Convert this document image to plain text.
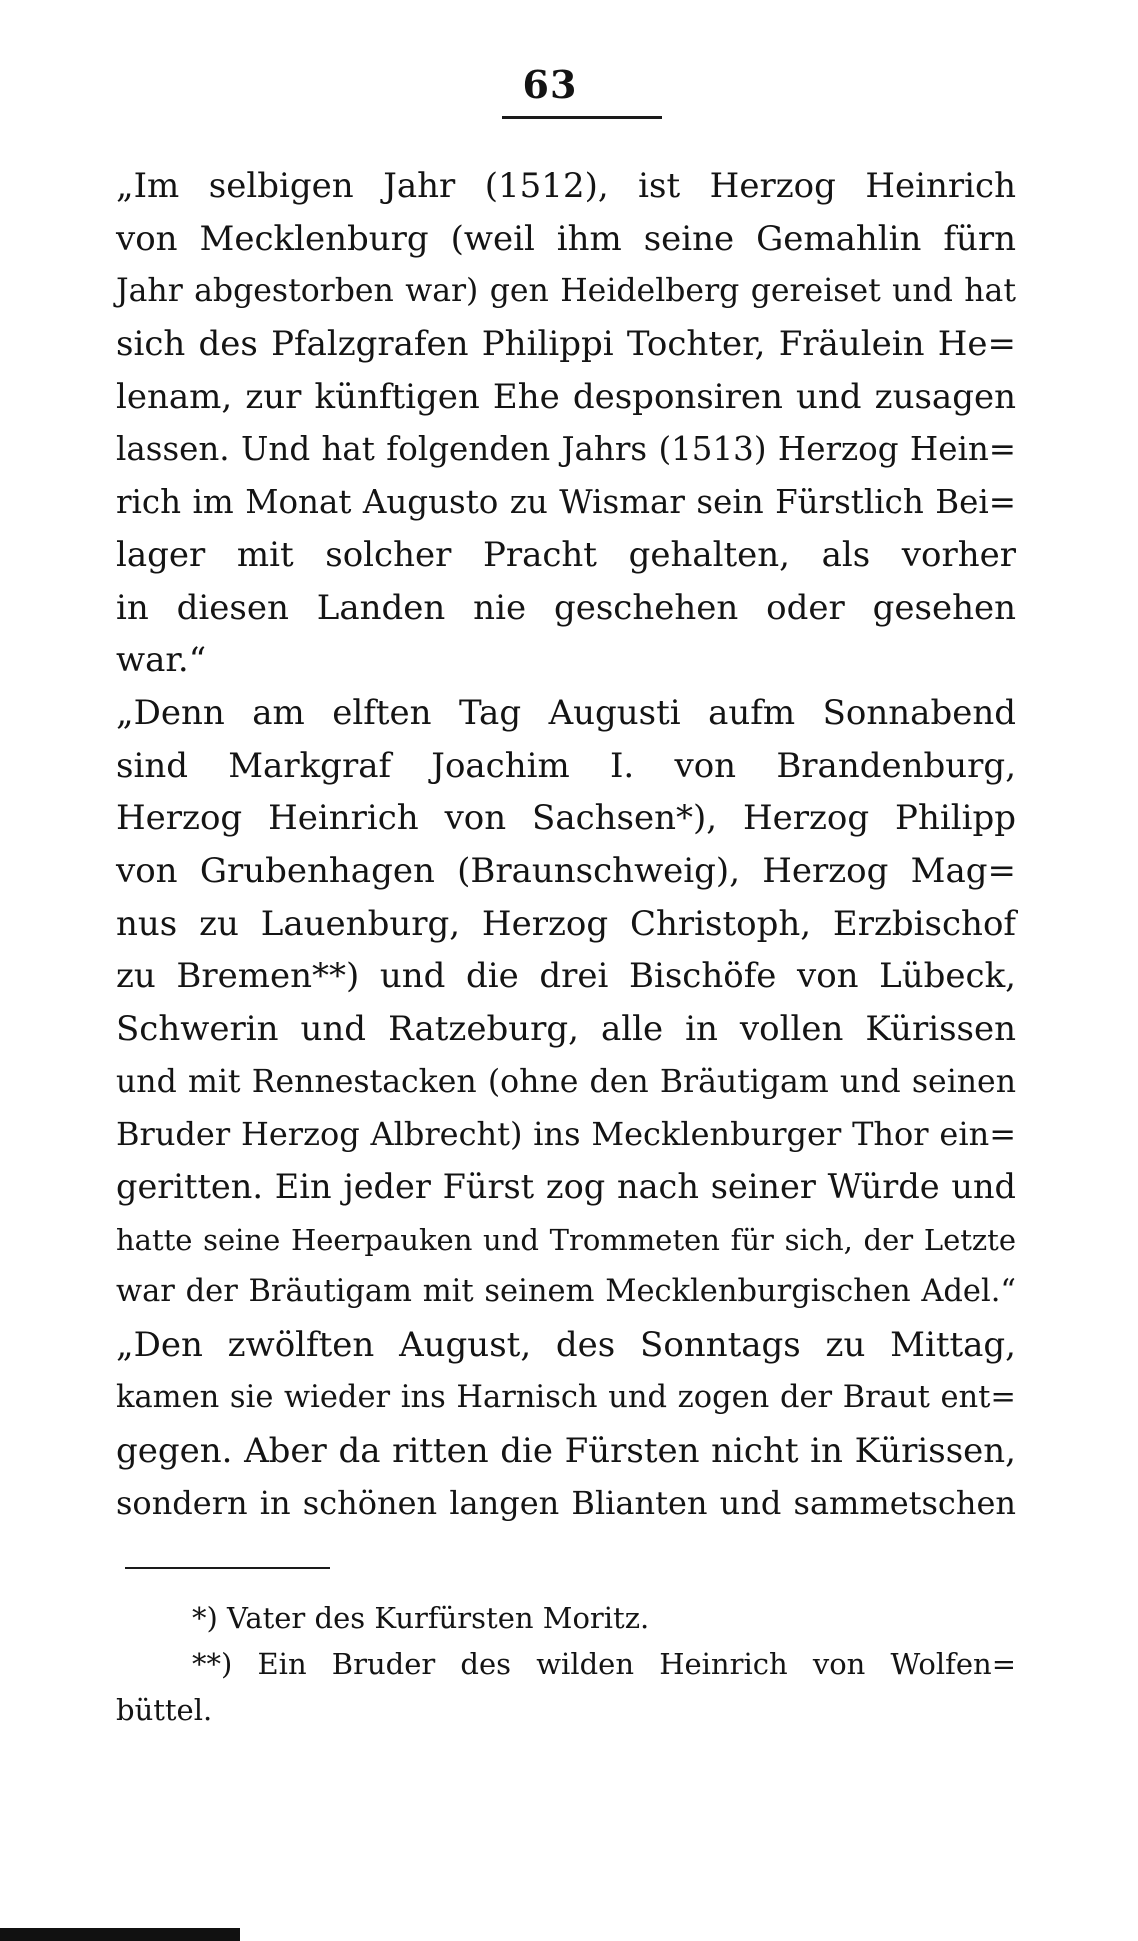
63
„Im selbigen Jahr (1512), ist Herzog Heinrich
von Mecklenburg (weil ihm seine Gemahlin fürn
Jahr abgestorben war) gen Heidelberg gereiset und hat
sich des Pfalzgrafen Philippi Tochter, Fräulein He=
lenam, zur künftigen Ehe desponsiren und zusagen
lassen. Und hat folgenden Jahrs (1513) Herzog Hein=
rich im Monat Augusto zu Wismar sein Fürstlich Bei=
lager mit solcher Pracht gehalten, als vorher
in diesen Landen nie geschehen oder gesehen
war.“
„Denn am elften Tag Augusti aufm Sonnabend
sind Markgraf Joachim I. von Brandenburg,
Herzog Heinrich von Sachsen*), Herzog Philipp
von Grubenhagen (Braunschweig), Herzog Mag=
nus zu Lauenburg, Herzog Christoph, Erzbischof
zu Bremen**) und die drei Bischöfe von Lübeck,
Schwerin und Ratzeburg, alle in vollen Kürissen
und mit Rennestacken (ohne den Bräutigam und seinen
Bruder Herzog Albrecht) ins Mecklenburger Thor ein=
geritten. Ein jeder Fürst zog nach seiner Würde und
hatte seine Heerpauken und Trommeten für sich, der Letzte
war der Bräutigam mit seinem Mecklenburgischen Adel.“
„Den zwölften August, des Sonntags zu Mittag,
kamen sie wieder ins Harnisch und zogen der Braut ent=
gegen. Aber da ritten die Fürsten nicht in Kürissen,
sondern in schönen langen Blianten und sammetschen
*) Vater des Kurfürsten Moritz.
**) Ein Bruder des wilden Heinrich von Wolfen=
büttel.
